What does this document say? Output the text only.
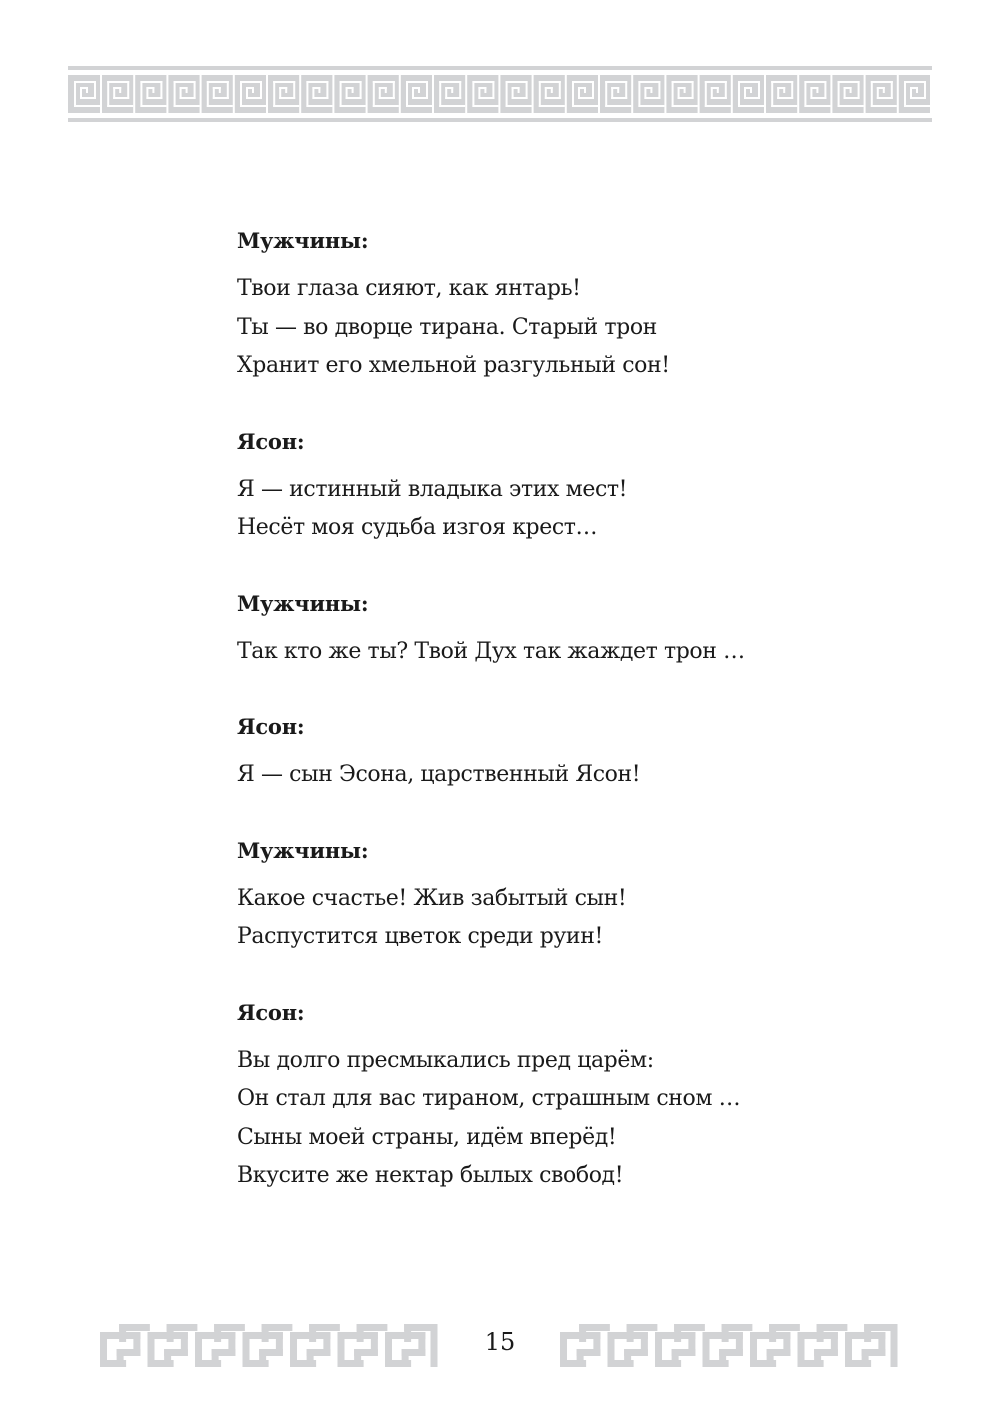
Мужчины:
Твои глаза сияют, как янтарь!
Ты — во дворце тирана. Старый трон
Хранит его хмельной разгульный сон!
Ясон:
Я — истинный владыка этих мест!
Несёт моя судьба изгоя крест…
Мужчины:
Так кто же ты? Твой Дух так жаждет трон …
Ясон:
Я — сын Эсона, царственный Ясон!
Мужчины:
Какое счастье! Жив забытый сын!
Распустится цветок среди руин!
Ясон:
Вы долго пресмыкались пред царём:
Он стал для вас тираном, страшным сном …
Сыны моей страны, идём вперёд!
Вкусите же нектар былых свобод!
15
